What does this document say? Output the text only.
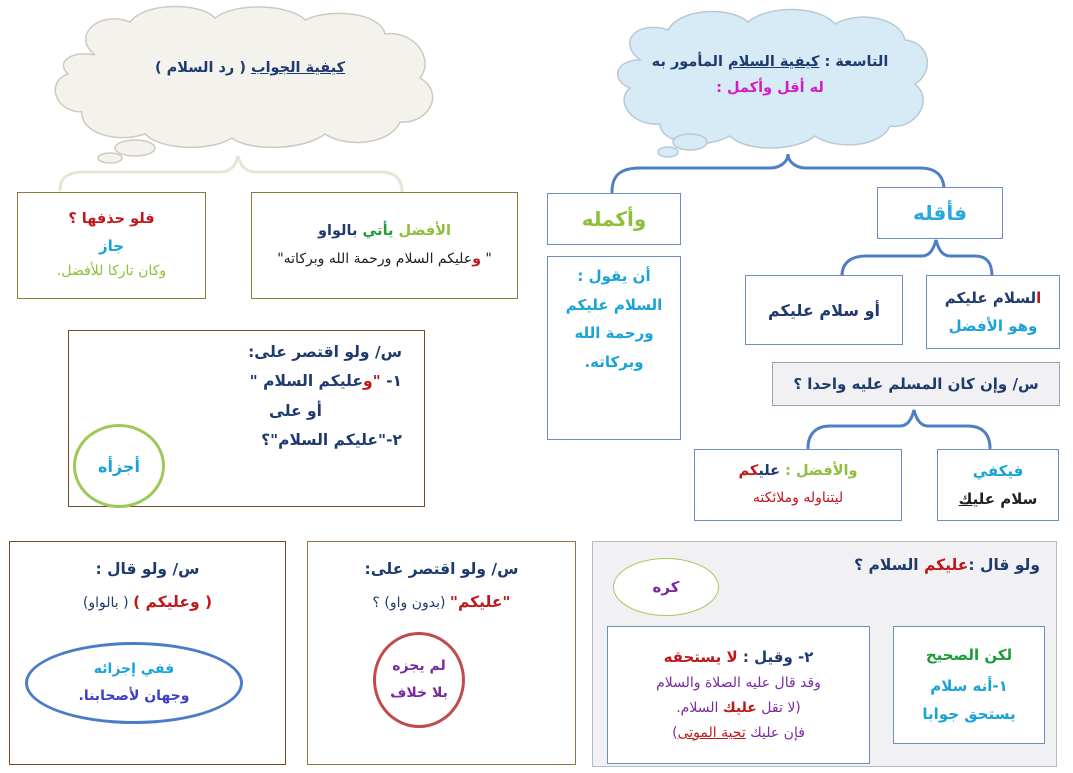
التاسعة : كيفية السلام المأمور به
له أقل وأكمل :
كيفية الجواب ( رد السلام )
فأقله
وأكمله
السلام عليكم
وهو الأفضل
أو سلام عليكم
أن يقول :
السلام عليكم
ورحمة الله
وبركاته.
س/ وإن كان المسلم عليه واحدا ؟
فيكفي
سلام عليك
والأفضل : عليكم
ليتناوله وملائكته
الأفضل يأتي بالواو
" وعليكم السلام ورحمة الله وبركاته"
فلو حذفها ؟
جاز
وكان تاركا للأفضل.
س/ ولو اقتصر على:
١- "وعليكم السلام "
أو على
٢-"عليكم السلام"؟
أجزأه
ولو قال :عليكم السلام ؟
كره
لكن الصحيح
١-أنه سلام
يستحق جوابا
٢- وقيل : لا يستحقه
وقد قال عليه الصلاة والسلام
(لا تقل عليك السلام.
فإن عليك تحية الموتى)
س/ ولو اقتصر على:
"عليكم" (بدون واو) ؟
لم يجزه
بلا خلاف
س/ ولو قال :
( وعليكم ) ( بالواو)
ففي إجزائه
وجهان لأصحابنا.
